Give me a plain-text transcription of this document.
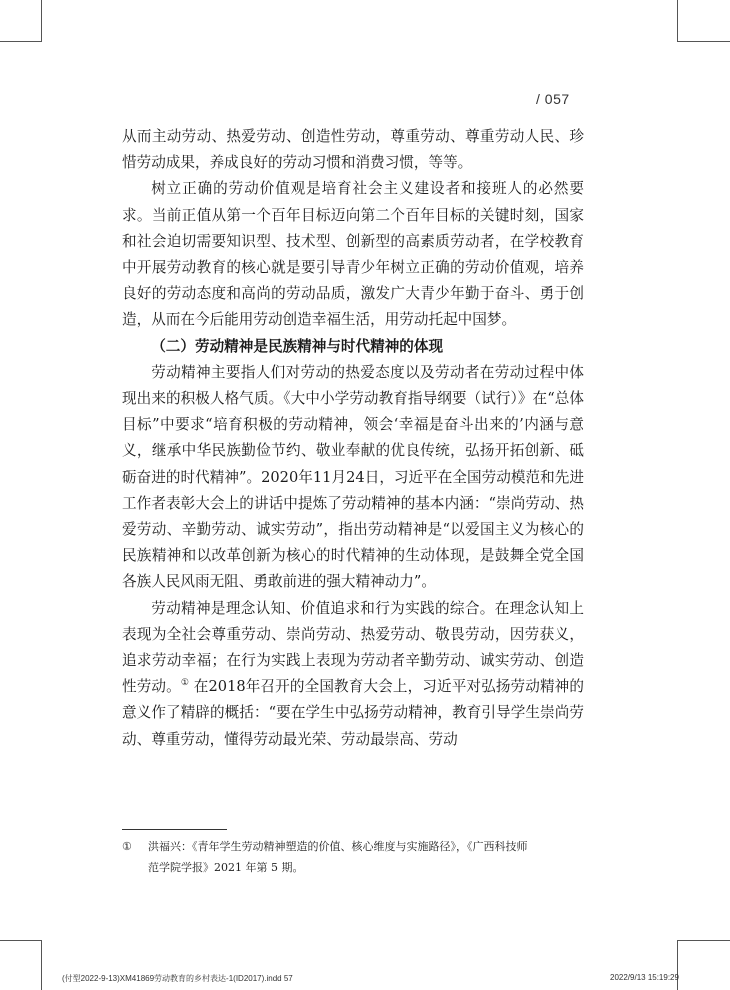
/ 057

从而主动劳动、热爱劳动、创造性劳动，尊重劳动、尊重劳动人民、珍惜劳动成果，养成良好的劳动习惯和消费习惯，等等。

树立正确的劳动价值观是培育社会主义建设者和接班人的必然要求。当前正值从第一个百年目标迈向第二个百年目标的关键时刻，国家和社会迫切需要知识型、技术型、创新型的高素质劳动者，在学校教育中开展劳动教育的核心就是要引导青少年树立正确的劳动价值观，培养良好的劳动态度和高尚的劳动品质，激发广大青少年勤于奋斗、勇于创造，从而在今后能用劳动创造幸福生活，用劳动托起中国梦。

（二）劳动精神是民族精神与时代精神的体现

劳动精神主要指人们对劳动的热爱态度以及劳动者在劳动过程中体现出来的积极人格气质。《大中小学劳动教育指导纲要（试行）》在“总体目标”中要求“培育积极的劳动精神，领会‘幸福是奋斗出来的’内涵与意义，继承中华民族勤俭节约、敬业奉献的优良传统，弘扬开拓创新、砥砺奋进的时代精神”。2020年11月24日，习近平在全国劳动模范和先进工作者表彰大会上的讲话中提炼了劳动精神的基本内涵：“崇尚劳动、热爱劳动、辛勤劳动、诚实劳动”，指出劳动精神是“以爱国主义为核心的民族精神和以改革创新为核心的时代精神的生动体现，是鼓舞全党全国各族人民风雨无阻、勇敢前进的强大精神动力”。

劳动精神是理念认知、价值追求和行为实践的综合。在理念认知上表现为全社会尊重劳动、崇尚劳动、热爱劳动、敬畏劳动，因劳获义，追求劳动幸福；在行为实践上表现为劳动者辛勤劳动、诚实劳动、创造性劳动。① 在2018年召开的全国教育大会上，习近平对弘扬劳动精神的意义作了精辟的概括：“要在学生中弘扬劳动精神，教育引导学生崇尚劳动、尊重劳动，懂得劳动最光荣、劳动最崇高、劳动

① 洪福兴：《青年学生劳动精神塑造的价值、核心维度与实施路径》，《广西科技师
范学院学报》2021 年第 5 期。
(付型2022-9-13)XM41869劳动教育的乡村表达-1(ID2017).indd 57	2022/9/13 15:19:29
